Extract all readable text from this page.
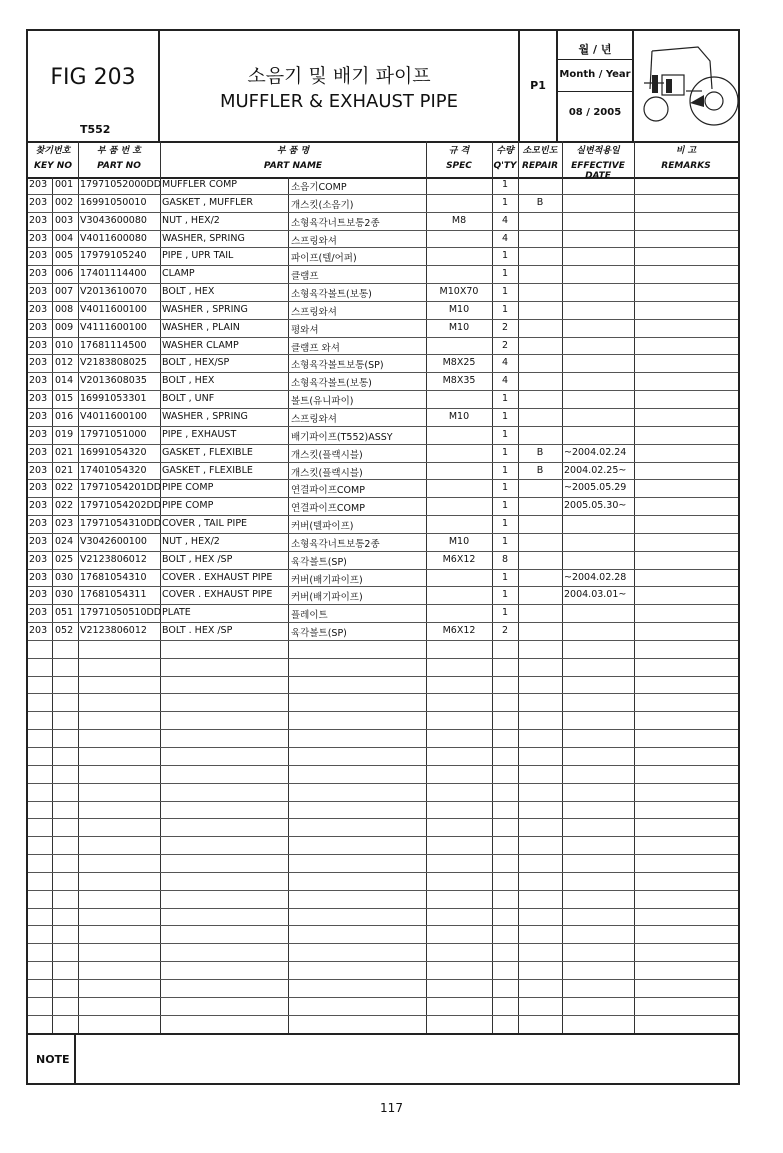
FIG 203
T552
소음기 및 배기 파이프
MUFFLER & EXHAUST PIPE
P1
월 / 년
Month / Year
08 / 2005
찾기번호
KEY NO
부 품 번 호
PART NO
부 품 명
PART NAME
규 격
SPEC
수량
Q'TY
소모빈도
REPAIR
실변적용일
EFFECTIVE DATE
비 고
REMARKS
203 001 17971052000DD MUFFLER COMP	소음기COMP	1
203 002 16991050010 GASKET , MUFFLER	개스킷(소음기)	1	B
203 003 V3043600080 NUT , HEX/2	소형육각너트보통2종	M8	4
203 004 V4011600080 WASHER, SPRING	스프링와셔	4
203 005 17979105240 PIPE , UPR TAIL	파이프(텔/어퍼)	1
203 006 17401114400 CLAMP	클램프	1
203 007 V2013610070 BOLT , HEX	소형육각볼트(보통)	M10X70	1
203 008 V4011600100 WASHER , SPRING	스프링와셔	M10	1
203 009 V4111600100 WASHER , PLAIN	평와셔	M10	2
203 010 17681114500 WASHER CLAMP	클램프 와셔	2
203 012 V2183808025 BOLT , HEX/SP	소형육각볼트보통(SP)	M8X25	4
203 014 V2013608035 BOLT , HEX	소형육각볼트(보통)	M8X35	4
203 015 16991053301 BOLT , UNF	볼트(유니파이)	1
203 016 V4011600100 WASHER , SPRING	스프링와셔	M10	1
203 019 17971051000 PIPE , EXHAUST	배기파이프(T552)ASSY	1
203 021 16991054320 GASKET , FLEXIBLE	개스킷(플랙시블)	1	B	~2004.02.24
203 021 17401054320 GASKET , FLEXIBLE	개스킷(플랙시블)	1	B	2004.02.25~
203 022 17971054201DD PIPE COMP	연결파이프COMP	1	~2005.05.29
203 022 17971054202DD PIPE COMP	연결파이프COMP	1	2005.05.30~
203 023 17971054310DD COVER , TAIL PIPE	커버(텔파이프)	1
203 024 V3042600100 NUT , HEX/2	소형육각너트보통2종	M10	1
203 025 V2123806012 BOLT , HEX /SP	육각볼트(SP)	M6X12	8
203 030 17681054310 COVER . EXHAUST PIPE 커버(배기파이프)	1	~2004.02.28
203 030 17681054311 COVER . EXHAUST PIPE 커버(배기파이프)	1	2004.03.01~
203 051 17971050510DD PLATE	플레이트	1
203 052 V2123806012 BOLT . HEX /SP	육각볼트(SP)	M6X12	2
NOTE
117
